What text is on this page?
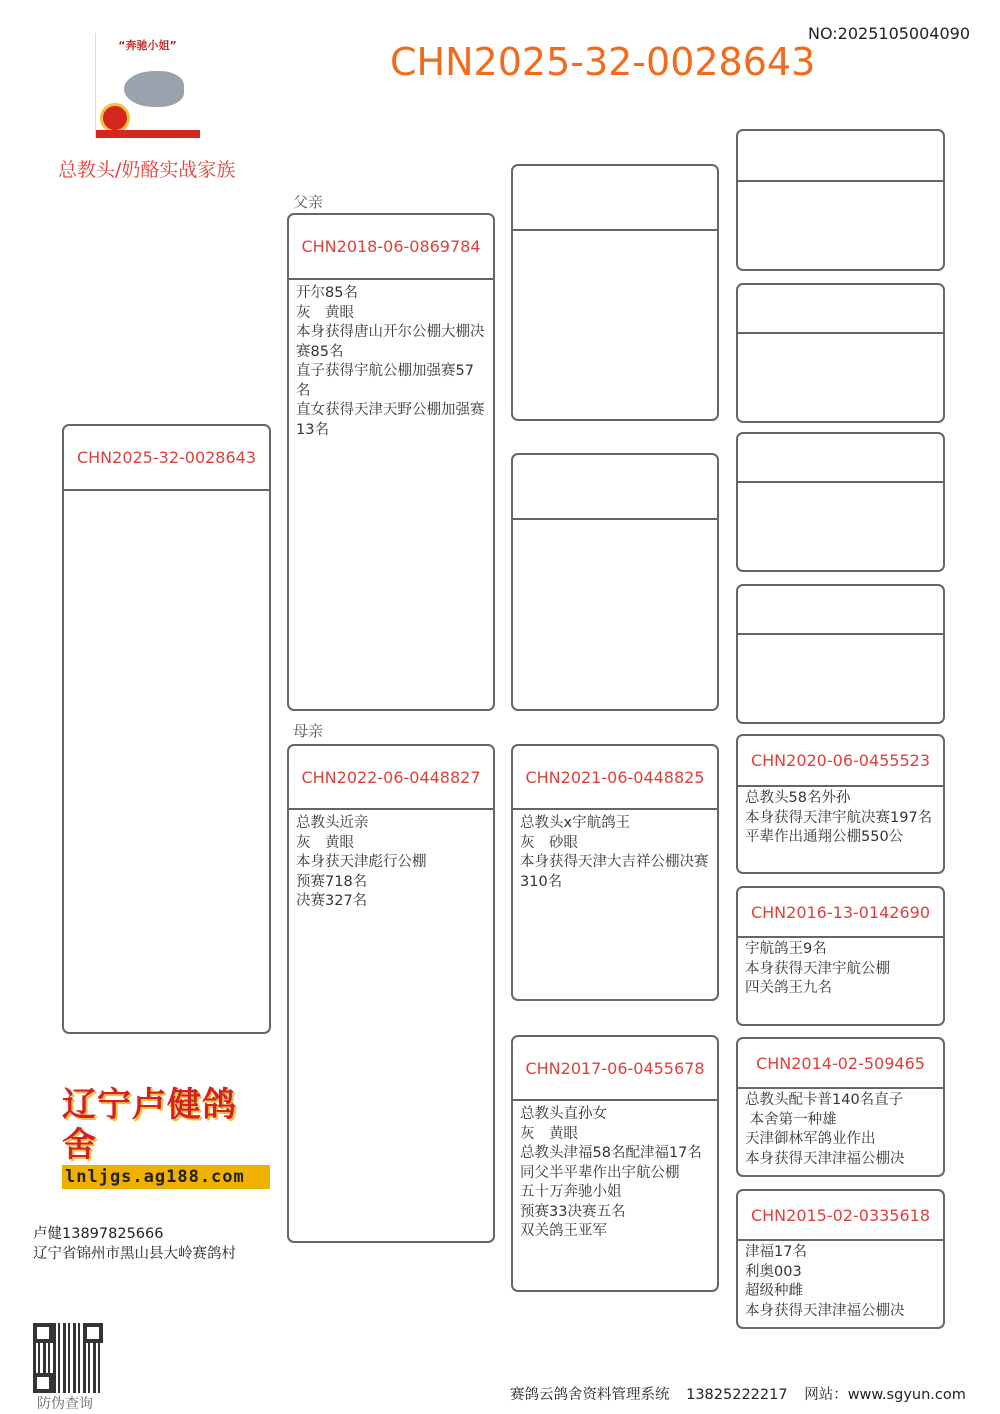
NO:2025105004090
CHN2025-32-0028643
“奔驰小姐”
总教头/奶酪实战家族
父亲
母亲
CHN2025-32-0028643
CHN2018-06-0869784
开尔85名
灰　黄眼
本身获得唐山开尔公棚大棚决赛85名
直子获得宇航公棚加强赛57名
直女获得天津天野公棚加强赛13名
CHN2022-06-0448827
总教头近亲
灰　黄眼
本身获天津彪行公棚
预赛718名
决赛327名
CHN2021-06-0448825
总教头x宇航鸽王
灰　砂眼
本身获得天津大吉祥公棚决赛310名
CHN2017-06-0455678
总教头直孙女
灰　黄眼
总教头津福58名配津福17名
同父半平辈作出宇航公棚
五十万奔驰小姐
预赛33决赛五名
双关鸽王亚军
CHN2020-06-0455523
总教头58名外孙
本身获得天津宇航决赛197名
平辈作出通翔公棚550公
CHN2016-13-0142690
宇航鸽王9名
本身获得天津宇航公棚
四关鸽王九名
CHN2014-02-509465
总教头配卡普140名直子
本舍第一种雄
天津御林军鸽业作出
本身获得天津津福公棚决
CHN2015-02-0335618
津福17名
利奥003
超级种雌
本身获得天津津福公棚决
辽宁卢健鸽舍
lnljgs.ag188.com
卢健13897825666
辽宁省锦州市黑山县大岭赛鸽村
防伪查询
赛鸽云鸽舍资料管理系统 13825222217 网站：www.sgyun.com
